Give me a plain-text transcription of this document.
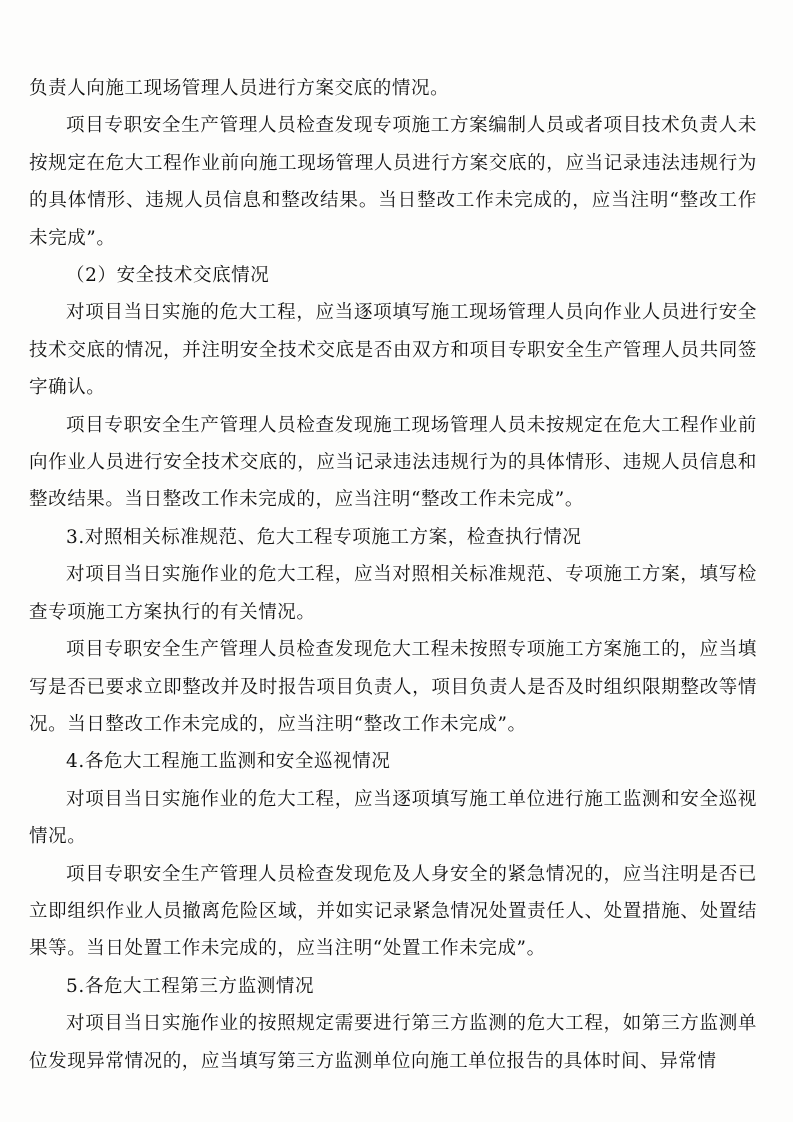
负责人向施工现场管理人员进行方案交底的情况。

项目专职安全生产管理人员检查发现专项施工方案编制人员或者项目技术负责人未按规定在危大工程作业前向施工现场管理人员进行方案交底的，应当记录违法违规行为的具体情形、违规人员信息和整改结果。当日整改工作未完成的，应当注明“整改工作未完成”。

（2）安全技术交底情况

对项目当日实施的危大工程，应当逐项填写施工现场管理人员向作业人员进行安全技术交底的情况，并注明安全技术交底是否由双方和项目专职安全生产管理人员共同签字确认。

项目专职安全生产管理人员检查发现施工现场管理人员未按规定在危大工程作业前向作业人员进行安全技术交底的，应当记录违法违规行为的具体情形、违规人员信息和整改结果。当日整改工作未完成的，应当注明“整改工作未完成”。

3.对照相关标准规范、危大工程专项施工方案，检查执行情况

对项目当日实施作业的危大工程，应当对照相关标准规范、专项施工方案，填写检查专项施工方案执行的有关情况。

项目专职安全生产管理人员检查发现危大工程未按照专项施工方案施工的，应当填写是否已要求立即整改并及时报告项目负责人，项目负责人是否及时组织限期整改等情况。当日整改工作未完成的，应当注明“整改工作未完成”。

4.各危大工程施工监测和安全巡视情况

对项目当日实施作业的危大工程，应当逐项填写施工单位进行施工监测和安全巡视情况。

项目专职安全生产管理人员检查发现危及人身安全的紧急情况的，应当注明是否已立即组织作业人员撤离危险区域，并如实记录紧急情况处置责任人、处置措施、处置结果等。当日处置工作未完成的，应当注明“处置工作未完成”。

5.各危大工程第三方监测情况

对项目当日实施作业的按照规定需要进行第三方监测的危大工程，如第三方监测单位发现异常情况的，应当填写第三方监测单位向施工单位报告的具体时间、异常情
